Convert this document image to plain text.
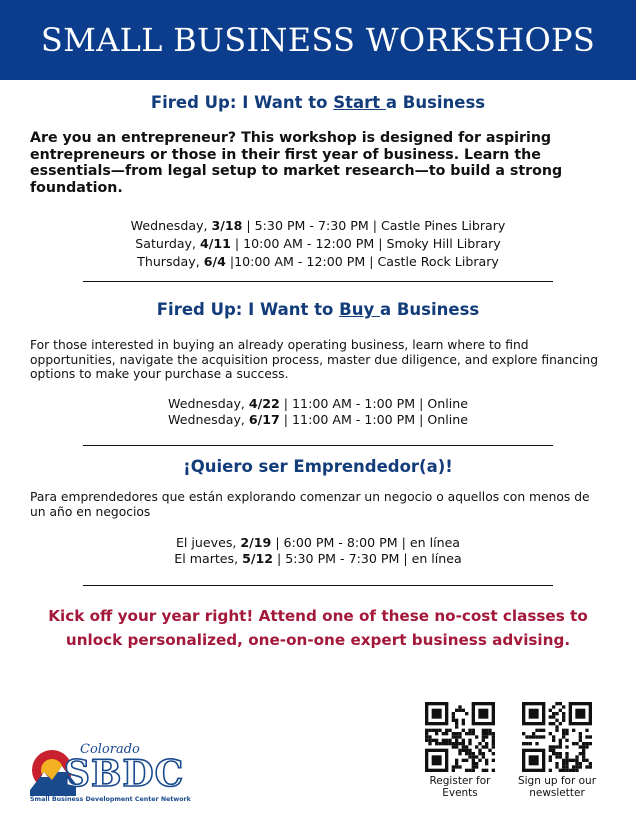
SMALL BUSINESS WORKSHOPS
Fired Up: I Want to Start a Business

Are you an entrepreneur? This workshop is designed for aspiring entrepreneurs or those in their first year of business. Learn the essentials—from legal setup to market research—to build a strong foundation.

Wednesday, 3/18 | 5:30 PM - 7:30 PM | Castle Pines Library
Saturday, 4/11 | 10:00 AM - 12:00 PM | Smoky Hill Library
Thursday, 6/4 |10:00 AM - 12:00 PM | Castle Rock Library
Fired Up: I Want to Buy a Business

For those interested in buying an already operating business, learn where to find opportunities, navigate the acquisition process, master due diligence, and explore financing options to make your purchase a success.

Wednesday, 4/22 | 11:00 AM - 1:00 PM | Online
Wednesday, 6/17 | 11:00 AM - 1:00 PM | Online
¡Quiero ser Emprendedor(a)!

Para emprendedores que están explorando comenzar un negocio o aquellos con menos de un año en negocios

El jueves, 2/19 | 6:00 PM - 8:00 PM | en línea
El martes, 5/12 | 5:30 PM - 7:30 PM | en línea

Kick off your year right! Attend one of these no-cost classes to unlock personalized, one-on-one expert business advising.

Colorado
SBDC
Small Business Development Center Network
Register for Events
Sign up for our newsletter
